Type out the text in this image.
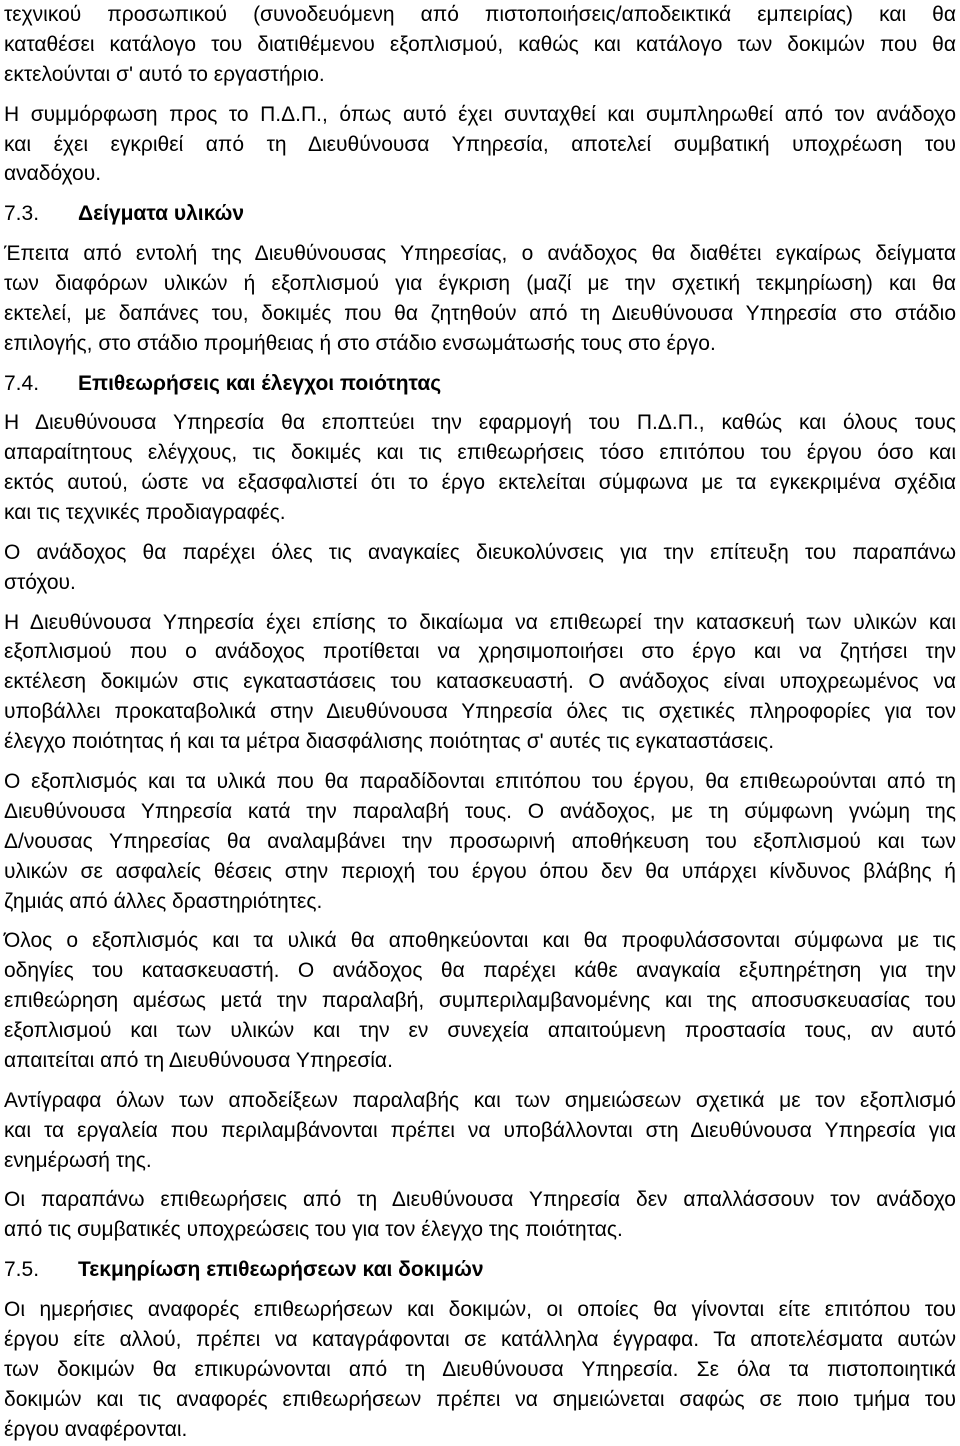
τεχνικού προσωπικού (συνοδευόμενη από πιστοποιήσεις/αποδεικτικά εμπειρίας) και θα
καταθέσει κατάλογο του διατιθέμενου εξοπλισμού, καθώς και κατάλογο των δοκιμών που θα
εκτελούνται σ' αυτό το εργαστήριο.
Η συμμόρφωση προς το Π.Δ.Π., όπως αυτό έχει συνταχθεί και συμπληρωθεί από τον ανάδοχο
και έχει εγκριθεί από τη Διευθύνουσα Υπηρεσία, αποτελεί συμβατική υποχρέωση του
αναδόχου.
7.3. Δείγματα υλικών
Έπειτα από εντολή της Διευθύνουσας Υπηρεσίας, ο ανάδοχος θα διαθέτει εγκαίρως δείγματα
των διαφόρων υλικών ή εξοπλισμού για έγκριση (μαζί με την σχετική τεκμηρίωση) και θα
εκτελεί, με δαπάνες του, δοκιμές που θα ζητηθούν από τη Διευθύνουσα Υπηρεσία στο στάδιο
επιλογής, στο στάδιο προμήθειας ή στο στάδιο ενσωμάτωσής τους στο έργο.
7.4. Επιθεωρήσεις και έλεγχοι ποιότητας
Η Διευθύνουσα Υπηρεσία θα εποπτεύει την εφαρμογή του Π.Δ.Π., καθώς και όλους τους
απαραίτητους ελέγχους, τις δοκιμές και τις επιθεωρήσεις τόσο επιτόπου του έργου όσο και
εκτός αυτού, ώστε να εξασφαλιστεί ότι το έργο εκτελείται σύμφωνα με τα εγκεκριμένα σχέδια
και τις τεχνικές προδιαγραφές.
Ο ανάδοχος θα παρέχει όλες τις αναγκαίες διευκολύνσεις για την επίτευξη του παραπάνω
στόχου.
Η Διευθύνουσα Υπηρεσία έχει επίσης το δικαίωμα να επιθεωρεί την κατασκευή των υλικών και
εξοπλισμού που ο ανάδοχος προτίθεται να χρησιμοποιήσει στο έργο και να ζητήσει την
εκτέλεση δοκιμών στις εγκαταστάσεις του κατασκευαστή. Ο ανάδοχος είναι υποχρεωμένος να
υποβάλλει προκαταβολικά στην Διευθύνουσα Υπηρεσία όλες τις σχετικές πληροφορίες για τον
έλεγχο ποιότητας ή και τα μέτρα διασφάλισης ποιότητας σ' αυτές τις εγκαταστάσεις.
Ο εξοπλισμός και τα υλικά που θα παραδίδονται επιτόπου του έργου, θα επιθεωρούνται από τη
Διευθύνουσα Υπηρεσία κατά την παραλαβή τους. Ο ανάδοχος, με τη σύμφωνη γνώμη της
Δ/νουσας Υπηρεσίας θα αναλαμβάνει την προσωρινή αποθήκευση του εξοπλισμού και των
υλικών σε ασφαλείς θέσεις στην περιοχή του έργου όπου δεν θα υπάρχει κίνδυνος βλάβης ή
ζημιάς από άλλες δραστηριότητες.
Όλος ο εξοπλισμός και τα υλικά θα αποθηκεύονται και θα προφυλάσσονται σύμφωνα με τις
οδηγίες του κατασκευαστή. Ο ανάδοχος θα παρέχει κάθε αναγκαία εξυπηρέτηση για την
επιθεώρηση αμέσως μετά την παραλαβή, συμπεριλαμβανομένης και της αποσυσκευασίας του
εξοπλισμού και των υλικών και την εν συνεχεία απαιτούμενη προστασία τους, αν αυτό
απαιτείται από τη Διευθύνουσα Υπηρεσία.
Αντίγραφα όλων των αποδείξεων παραλαβής και των σημειώσεων σχετικά με τον εξοπλισμό
και τα εργαλεία που περιλαμβάνονται πρέπει να υποβάλλονται στη Διευθύνουσα Υπηρεσία για
ενημέρωσή της.
Οι παραπάνω επιθεωρήσεις από τη Διευθύνουσα Υπηρεσία δεν απαλλάσσουν τον ανάδοχο
από τις συμβατικές υποχρεώσεις του για τον έλεγχο της ποιότητας.
7.5. Τεκμηρίωση επιθεωρήσεων και δοκιμών
Οι ημερήσιες αναφορές επιθεωρήσεων και δοκιμών, οι οποίες θα γίνονται είτε επιτόπου του
έργου είτε αλλού, πρέπει να καταγράφονται σε κατάλληλα έγγραφα. Τα αποτελέσματα αυτών
των δοκιμών θα επικυρώνονται από τη Διευθύνουσα Υπηρεσία. Σε όλα τα πιστοποιητικά
δοκιμών και τις αναφορές επιθεωρήσεων πρέπει να σημειώνεται σαφώς σε ποιο τμήμα του
έργου αναφέρονται.
